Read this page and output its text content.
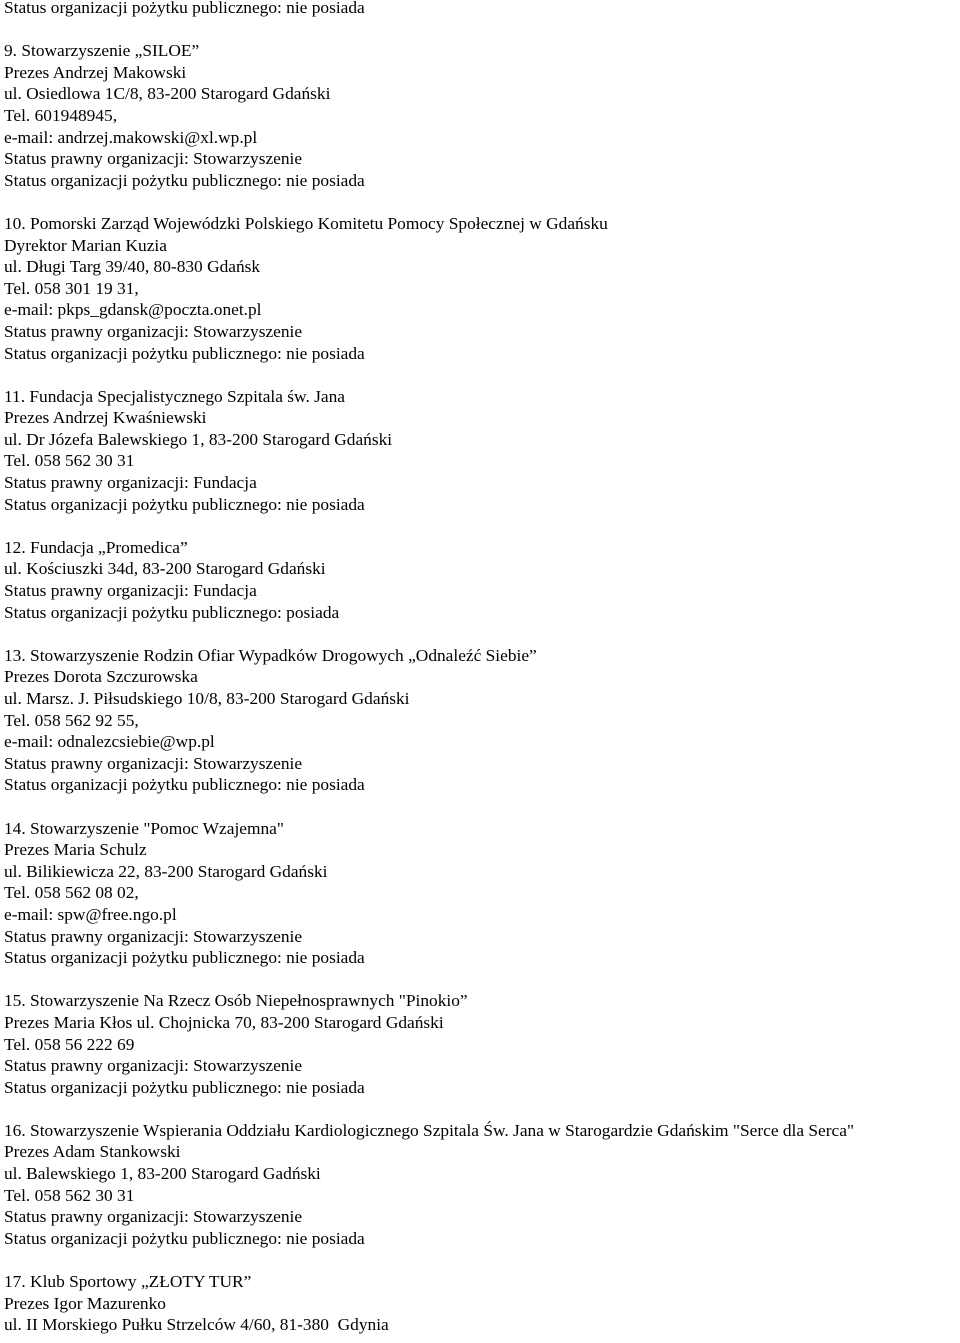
Status organizacji pożytku publicznego: nie posiada
9. Stowarzyszenie „SILOE”
Prezes Andrzej Makowski
ul. Osiedlowa 1C/8, 83-200 Starogard Gdański
Tel. 601948945,
e-mail: andrzej.makowski@xl.wp.pl
Status prawny organizacji: Stowarzyszenie
Status organizacji pożytku publicznego: nie posiada
10. Pomorski Zarząd Wojewódzki Polskiego Komitetu Pomocy Społecznej w Gdańsku
Dyrektor Marian Kuzia
ul. Długi Targ 39/40, 80-830 Gdańsk
Tel. 058 301 19 31,
e-mail: pkps_gdansk@poczta.onet.pl
Status prawny organizacji: Stowarzyszenie
Status organizacji pożytku publicznego: nie posiada
11. Fundacja Specjalistycznego Szpitala św. Jana
Prezes Andrzej Kwaśniewski
ul. Dr Józefa Balewskiego 1, 83-200 Starogard Gdański
Tel. 058 562 30 31
Status prawny organizacji: Fundacja
Status organizacji pożytku publicznego: nie posiada
12. Fundacja „Promedica”
ul. Kościuszki 34d, 83-200 Starogard Gdański
Status prawny organizacji: Fundacja
Status organizacji pożytku publicznego: posiada
13. Stowarzyszenie Rodzin Ofiar Wypadków Drogowych „Odnaleźć Siebie”
Prezes Dorota Szczurowska
ul. Marsz. J. Piłsudskiego 10/8, 83-200 Starogard Gdański
Tel. 058 562 92 55,
e-mail: odnalezcsiebie@wp.pl
Status prawny organizacji: Stowarzyszenie
Status organizacji pożytku publicznego: nie posiada
14. Stowarzyszenie "Pomoc Wzajemna"
Prezes Maria Schulz
ul. Bilikiewicza 22, 83-200 Starogard Gdański
Tel. 058 562 08 02,
e-mail: spw@free.ngo.pl
Status prawny organizacji: Stowarzyszenie
Status organizacji pożytku publicznego: nie posiada
15. Stowarzyszenie Na Rzecz Osób Niepełnosprawnych "Pinokio”
Prezes Maria Kłos ul. Chojnicka 70, 83-200 Starogard Gdański
Tel. 058 56 222 69
Status prawny organizacji: Stowarzyszenie
Status organizacji pożytku publicznego: nie posiada
16. Stowarzyszenie Wspierania Oddziału Kardiologicznego Szpitala Św. Jana w Starogardzie Gdańskim "Serce dla Serca"
Prezes Adam Stankowski
ul. Balewskiego 1, 83-200 Starogard Gadński
Tel. 058 562 30 31
Status prawny organizacji: Stowarzyszenie
Status organizacji pożytku publicznego: nie posiada
17. Klub Sportowy „ZŁOTY TUR”
Prezes Igor Mazurenko
ul. II Morskiego Pułku Strzelców 4/60, 81-380  Gdynia
